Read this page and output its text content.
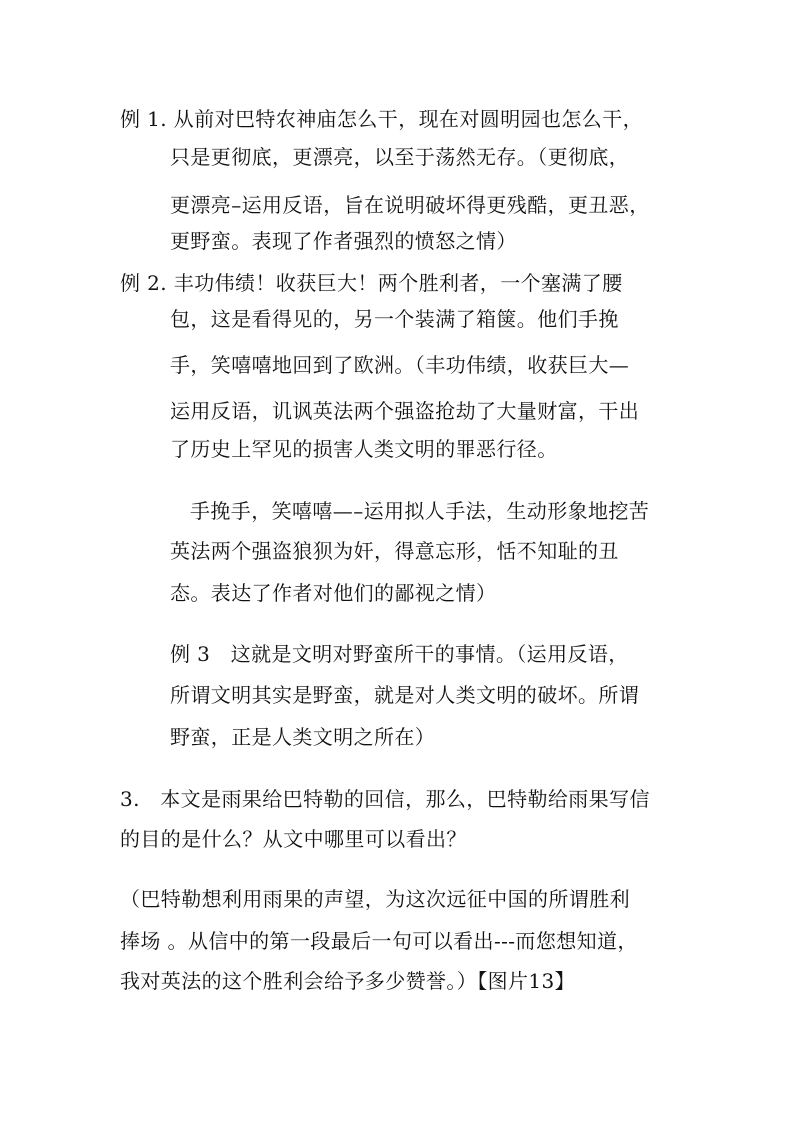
例 1. 从前对巴特农神庙怎么干，现在对圆明园也怎么干，
只是更彻底，更漂亮，以至于荡然无存。（更彻底，
更漂亮–运用反语，旨在说明破坏得更残酷，更丑恶，
更野蛮。表现了作者强烈的愤怒之情）
例 2. 丰功伟绩！收获巨大！两个胜利者，一个塞满了腰
包，这是看得见的，另一个装满了箱箧。他们手挽
手，笑嘻嘻地回到了欧洲。（丰功伟绩，收获巨大—
运用反语，讥讽英法两个强盗抢劫了大量财富，干出
了历史上罕见的损害人类文明的罪恶行径。
手挽手，笑嘻嘻—–运用拟人手法，生动形象地挖苦
英法两个强盗狼狈为奸，得意忘形，恬不知耻的丑
态。表达了作者对他们的鄙视之情）
例 3　这就是文明对野蛮所干的事情。（运用反语，
所谓文明其实是野蛮，就是对人类文明的破坏。所谓
野蛮，正是人类文明之所在）
3.　本文是雨果给巴特勒的回信，那么，巴特勒给雨果写信
的目的是什么？从文中哪里可以看出？
（巴特勒想利用雨果的声望，为这次远征中国的所谓胜利
捧场 。从信中的第一段最后一句可以看出---而您想知道，
我对英法的这个胜利会给予多少赞誉。）【图片13】
